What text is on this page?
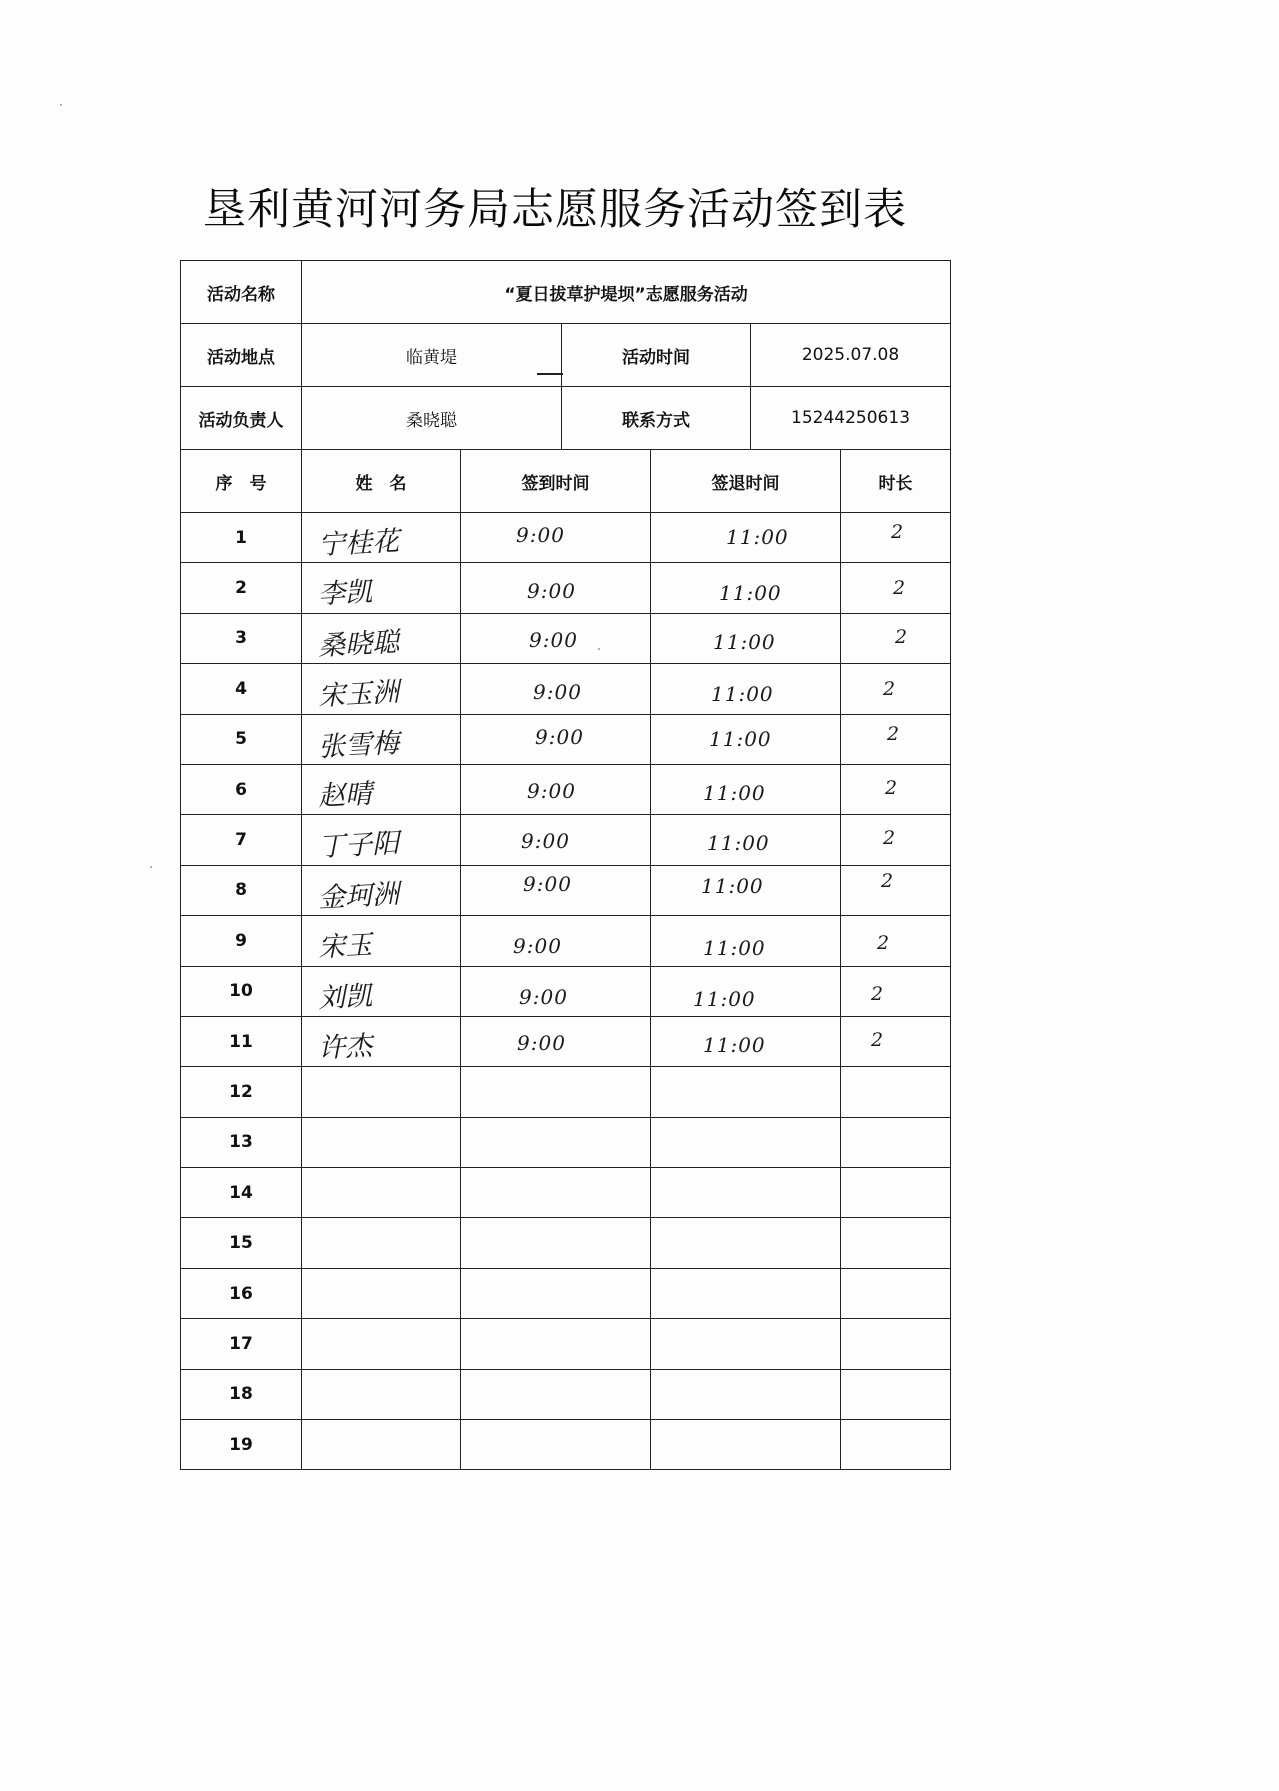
垦利黄河河务局志愿服务活动签到表
活动名称	“夏日拔草护堤坝”志愿服务活动					
活动地点	临黄堤		活动时间		2025.07.08	
活动负责人	桑晓聪		联系方式		15244250613	
序　号	姓　名	签到时间		签退时间		时长
1	宁桂花	9:00		11:00		2

2	李凯	9:00		11:00		2

3	桑晓聪	9:00		11:00		2

4	宋玉洲	9:00		11:00		2

5	张雪梅	9:00		11:00		2

6	赵晴	9:00		11:00		2

7	丁子阳	9:00		11:00		2

8	金珂洲	9:00		11:00		2

9	宋玉	9:00		11:00		2

10	刘凯	9:00		11:00		2

11	许杰	9:00		11:00		2

12						
13						
14						
15						
16						
17						
18						
19						
